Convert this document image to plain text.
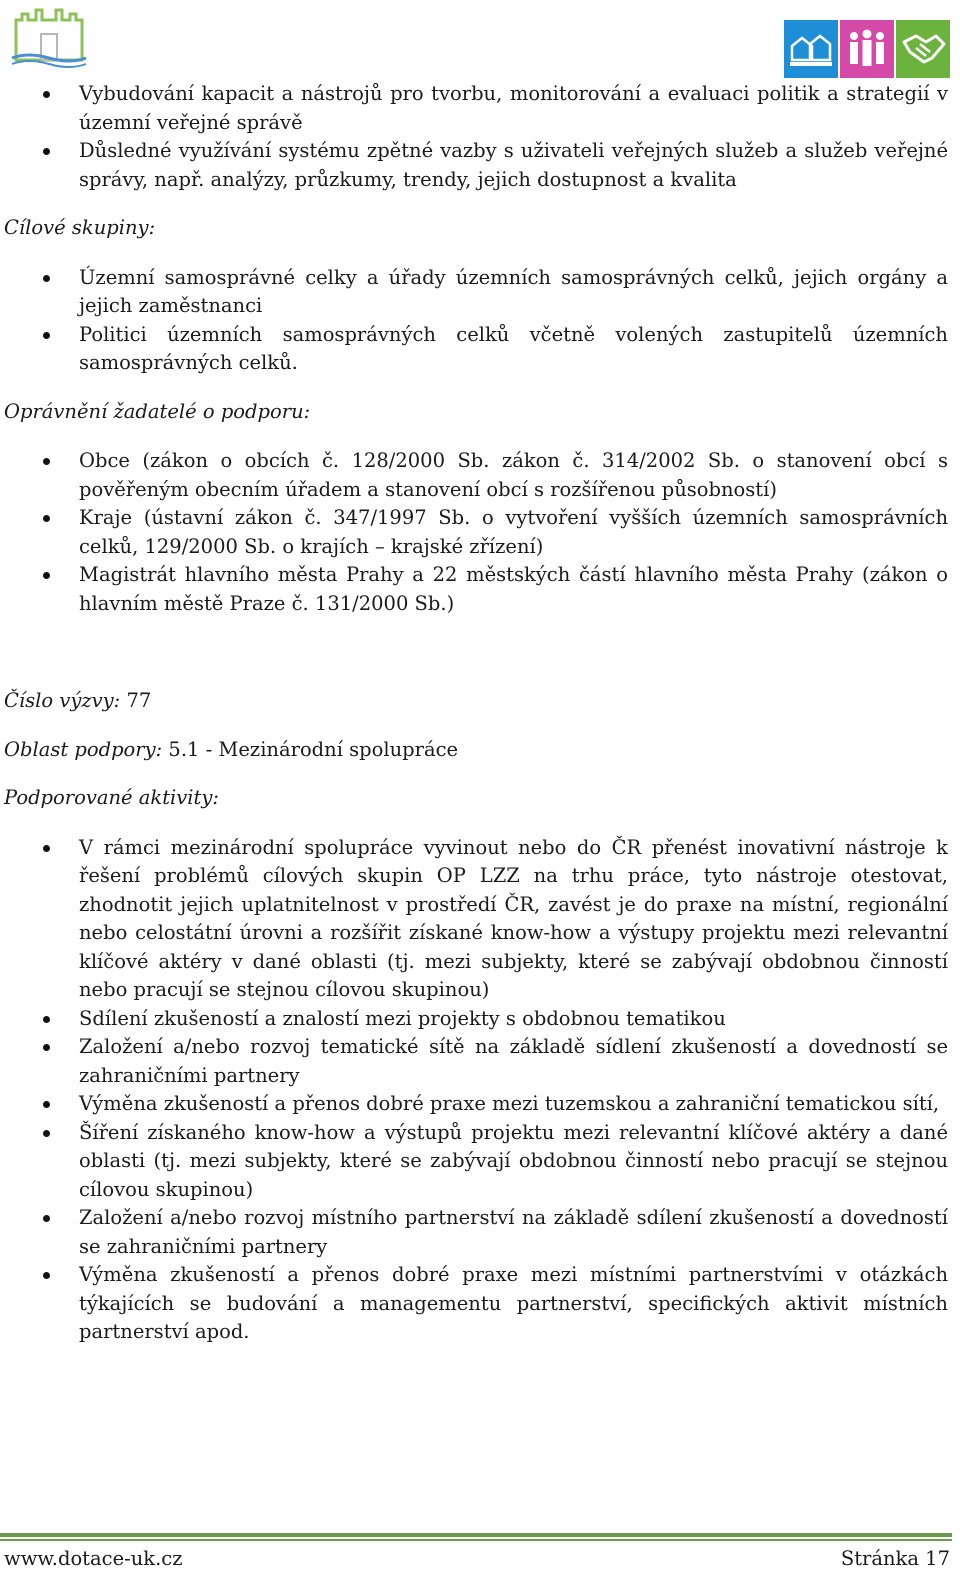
Vybudování kapacit a nástrojů pro tvorbu, monitorování a evaluaci politik a strategií v územní veřejné správě
Důsledné využívání systému zpětné vazby s uživateli veřejných služeb a služeb veřejné správy, např. analýzy, průzkumy, trendy, jejich dostupnost a kvalita

Cílové skupiny:

Územní samosprávné celky a úřady územních samosprávných celků, jejich orgány a jejich zaměstnanci
Politici územních samosprávných celků včetně volených zastupitelů územních samosprávných celků.

Oprávnění žadatelé o podporu:

Obce (zákon o obcích č. 128/2000 Sb. zákon č. 314/2002 Sb. o stanovení obcí s pověřeným obecním úřadem a stanovení obcí s rozšířenou působností)
Kraje (ústavní zákon č. 347/1997 Sb. o vytvoření vyšších územních samosprávních celků, 129/2000 Sb. o krajích – krajské zřízení)
Magistrát hlavního města Prahy a 22 městských částí hlavního města Prahy (zákon o hlavním městě Praze č. 131/2000 Sb.)

Číslo výzvy: 77

Oblast podpory: 5.1 - Mezinárodní spolupráce

Podporované aktivity:

V rámci mezinárodní spolupráce vyvinout nebo do ČR přenést inovativní nástroje k řešení problémů cílových skupin OP LZZ na trhu práce, tyto nástroje otestovat, zhodnotit jejich uplatnitelnost v prostředí ČR, zavést je do praxe na místní, regionální nebo celostátní úrovni a rozšířit získané know-how a výstupy projektu mezi relevantní klíčové aktéry v dané oblasti (tj. mezi subjekty, které se zabývají obdobnou činností nebo pracují se stejnou cílovou skupinou)
Sdílení zkušeností a znalostí mezi projekty s obdobnou tematikou
Založení a/nebo rozvoj tematické sítě na základě sídlení zkušeností a dovedností se zahraničními partnery
Výměna zkušeností a přenos dobré praxe mezi tuzemskou a zahraniční tematickou sítí,
Šíření získaného know-how a výstupů projektu mezi relevantní klíčové aktéry a dané oblasti (tj. mezi subjekty, které se zabývají obdobnou činností nebo pracují se stejnou cílovou skupinou)
Založení a/nebo rozvoj místního partnerství na základě sdílení zkušeností a dovedností se zahraničními partnery
Výměna zkušeností a přenos dobré praxe mezi místními partnerstvími v otázkách týkajících se budování a managementu partnerství, specifických aktivit místních partnerství apod.
www.dotace-uk.cz	Stránka 17
